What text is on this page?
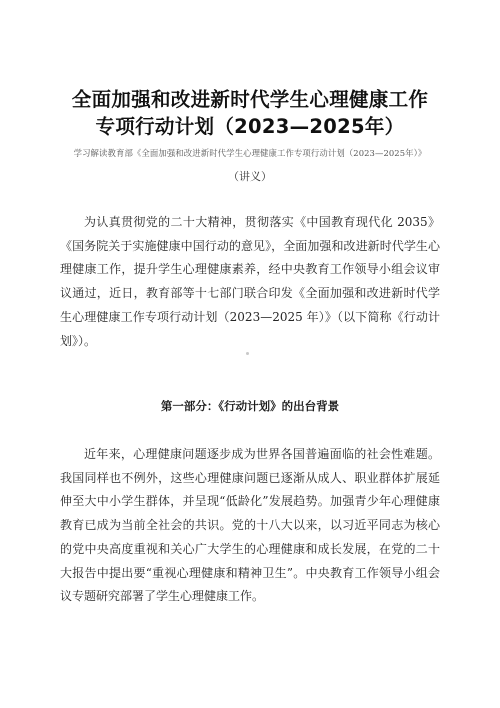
全面加强和改进新时代学生心理健康工作
专项行动计划（2023—2025年）
学习解读教育部《全面加强和改进新时代学生心理健康工作专项行动计划（2023—2025年）》
（讲义）

为认真贯彻党的二十大精神，贯彻落实《中国教育现代化 2035》《国务院关于实施健康中国行动的意见》，全面加强和改进新时代学生心理健康工作，提升学生心理健康素养，经中央教育工作领导小组会议审议通过，近日，教育部等十七部门联合印发《全面加强和改进新时代学生心理健康工作专项行动计划（2023—2025 年）》（以下简称《行动计划》）。

第一部分：《行动计划》的出台背景

近年来，心理健康问题逐步成为世界各国普遍面临的社会性难题。我国同样也不例外，这些心理健康问题已逐渐从成人、职业群体扩展延伸至大中小学生群体，并呈现“低龄化”发展趋势。加强青少年心理健康教育已成为当前全社会的共识。党的十八大以来，以习近平同志为核心的党中央高度重视和关心广大学生的心理健康和成长发展，在党的二十大报告中提出要“重视心理健康和精神卫生”。中央教育工作领导小组会议专题研究部署了学生心理健康工作。
